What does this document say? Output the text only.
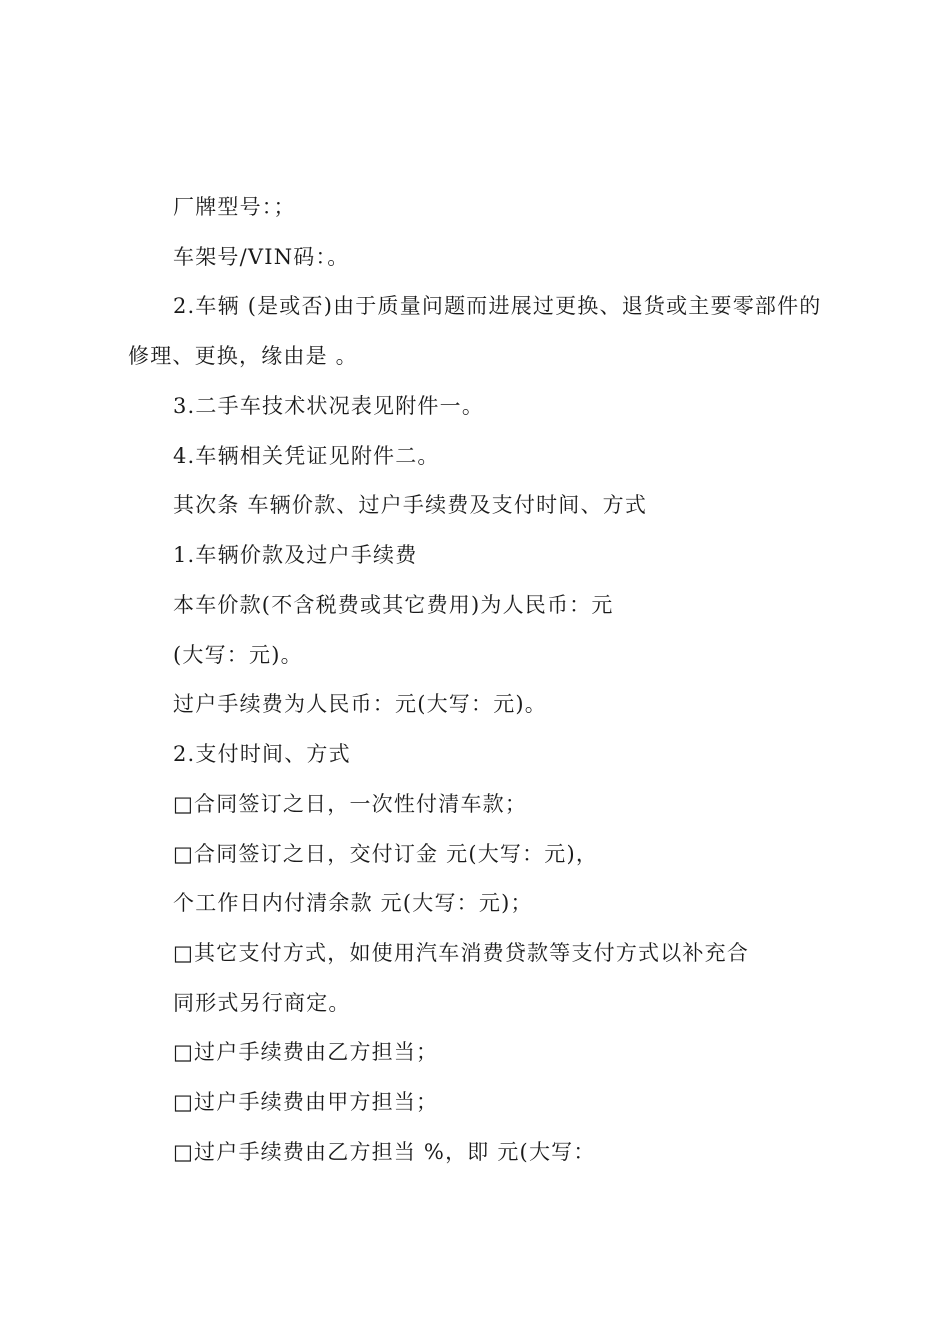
厂牌型号：；
车架号/VIN码：。
2.车辆 (是或否)由于质量问题而进展过更换、退货或主要零部件的
修理、更换，缘由是 。
3.二手车技术状况表见附件一。
4.车辆相关凭证见附件二。
其次条 车辆价款、过户手续费及支付时间、方式
1.车辆价款及过户手续费
本车价款(不含税费或其它费用)为人民币：元
(大写：元)。
过户手续费为人民币：元(大写：元)。
2.支付时间、方式
□合同签订之日，一次性付清车款；
□合同签订之日，交付订金 元(大写：元)，
个工作日内付清余款 元(大写：元)；
□其它支付方式，如使用汽车消费贷款等支付方式以补充合
同形式另行商定。
□过户手续费由乙方担当；
□过户手续费由甲方担当；
□过户手续费由乙方担当 %，即 元(大写：
